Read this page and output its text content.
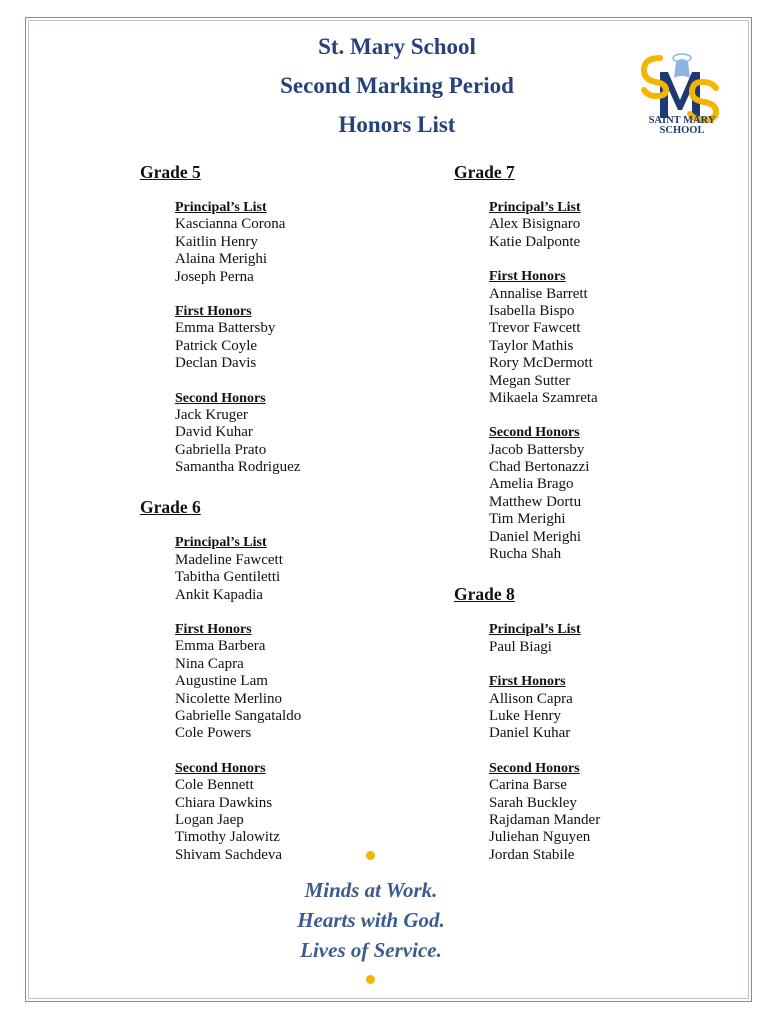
St. Mary School
Second Marking Period
Honors List	SAINT MARY
SCHOOL
Grade 5
Principal’s List
Kascianna Corona
Kaitlin Henry
Alaina Merighi
Joseph Perna
First Honors
Emma Battersby
Patrick Coyle
Declan Davis
Second Honors
Jack Kruger
David Kuhar
Gabriella Prato
Samantha Rodriguez
Grade 6
Principal’s List
Madeline Fawcett
Tabitha Gentiletti
Ankit Kapadia
First Honors
Emma Barbera
Nina Capra
Augustine Lam
Nicolette Merlino
Gabrielle Sangataldo
Cole Powers
Second Honors
Cole Bennett
Chiara Dawkins
Logan Jaep
Timothy Jalowitz
Shivam Sachdeva
Grade 7
Principal’s List
Alex Bisignaro
Katie Dalponte
First Honors
Annalise Barrett
Isabella Bispo
Trevor Fawcett
Taylor Mathis
Rory McDermott
Megan Sutter
Mikaela Szamreta
Second Honors
Jacob Battersby
Chad Bertonazzi
Amelia Brago
Matthew Dortu
Tim Merighi
Daniel Merighi
Rucha Shah
Grade 8
Principal’s List
Paul Biagi
First Honors
Allison Capra
Luke Henry
Daniel Kuhar
Second Honors
Carina Barse
Sarah Buckley
Rajdaman Mander
Juliehan Nguyen
Jordan Stabile
Minds at Work.
Hearts with God.
Lives of Service.
